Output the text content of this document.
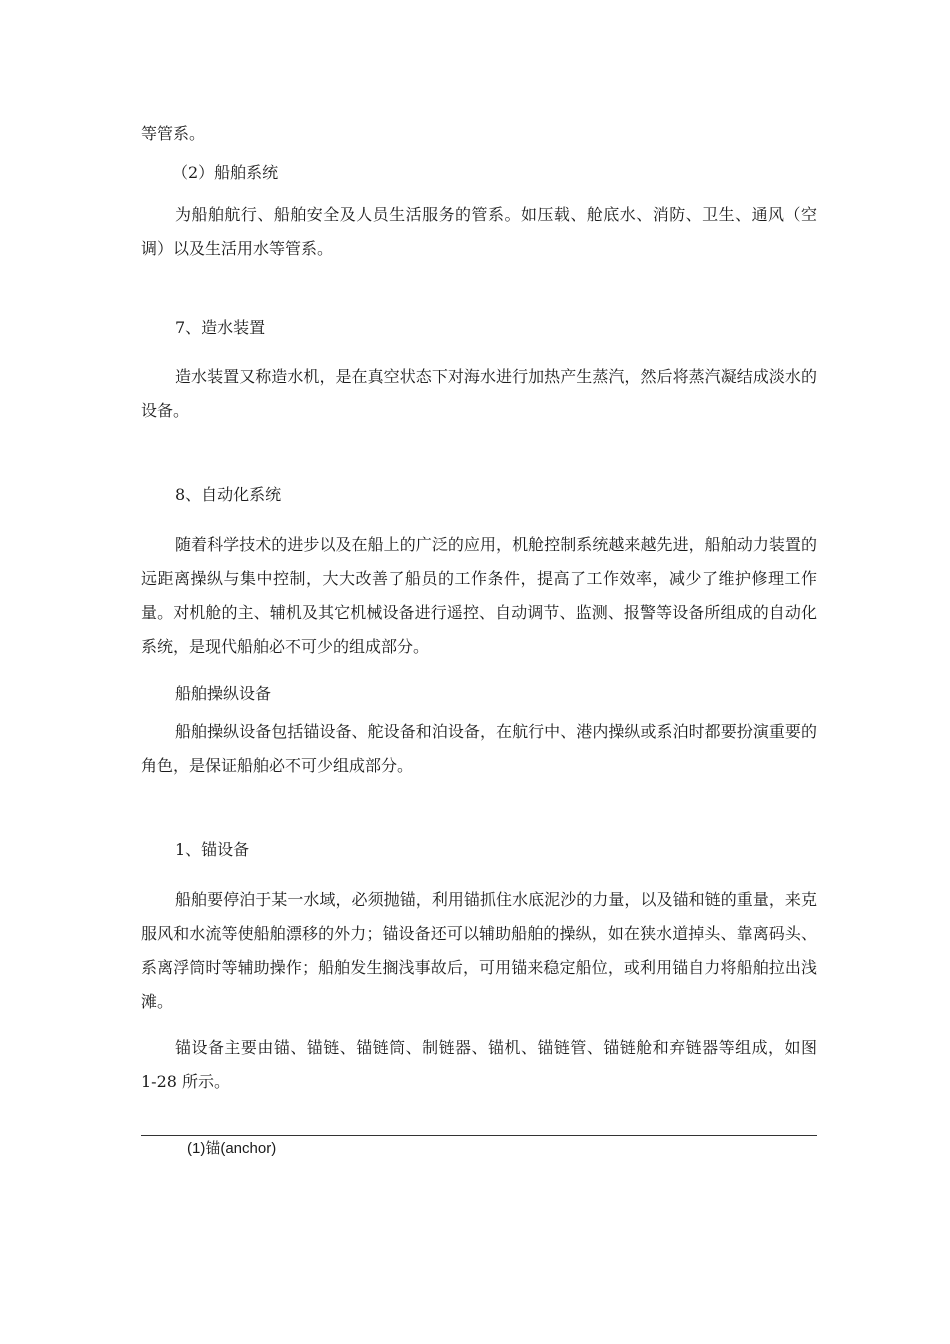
等管系。

（2）船舶系统

为船舶航行、船舶安全及人员生活服务的管系。如压载、舱底水、消防、卫生、通风（空调）以及生活用水等管系。

7、造水装置

造水装置又称造水机，是在真空状态下对海水进行加热产生蒸汽，然后将蒸汽凝结成淡水的设备。

8、自动化系统

随着科学技术的进步以及在船上的广泛的应用，机舱控制系统越来越先进，船舶动力装置的远距离操纵与集中控制，大大改善了船员的工作条件，提高了工作效率，减少了维护修理工作量。对机舱的主、辅机及其它机械设备进行遥控、自动调节、监测、报警等设备所组成的自动化系统，是现代船舶必不可少的组成部分。

船舶操纵设备

船舶操纵设备包括锚设备、舵设备和泊设备，在航行中、港内操纵或系泊时都要扮演重要的角色，是保证船舶必不可少组成部分。

1、锚设备

船舶要停泊于某一水域，必须抛锚，利用锚抓住水底泥沙的力量，以及锚和链的重量，来克服风和水流等使船舶漂移的外力；锚设备还可以辅助船舶的操纵，如在狭水道掉头、靠离码头、系离浮筒时等辅助操作；船舶发生搁浅事故后，可用锚来稳定船位，或利用锚自力将船舶拉出浅滩。

锚设备主要由锚、锚链、锚链筒、制链器、锚机、锚链管、锚链舱和弃链器等组成，如图 1-28 所示。

(1)锚(anchor)
